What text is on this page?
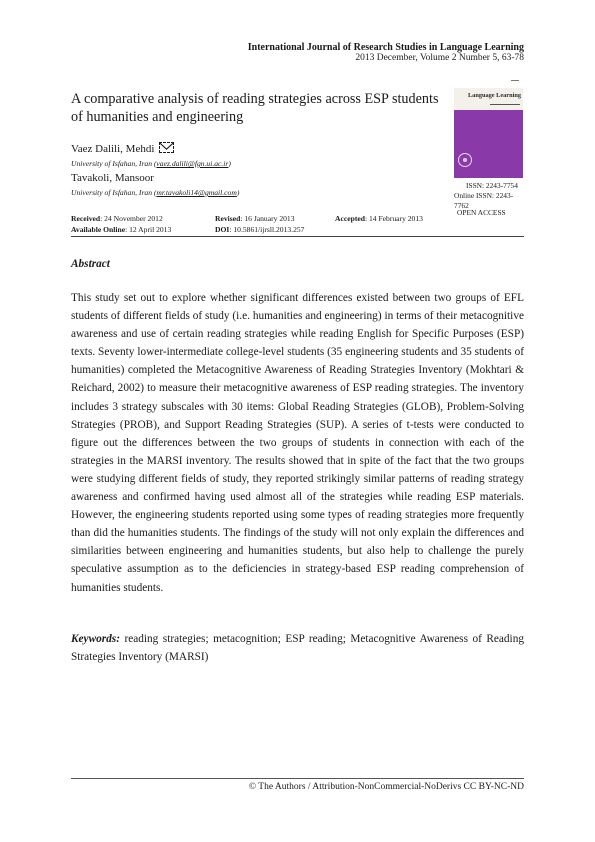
International Journal of Research Studies in Language Learning
2013 December, Volume 2 Number 5, 63-78
A comparative analysis of reading strategies across ESP students of humanities and engineering
Vaez Dalili, Mehdi
University of Isfahan, Iran (vaez.dalili@fgn.ui.ac.ir)
Tavakoli, Mansoor
University of Isfahan, Iran (mr.tavakoli14@gmail.com)
Language Learning
ISSN: 2243-7754
Online ISSN: 2243-7762
OPEN ACCESS
Received: 24 November 2012	Revised: 16 January 2013	Accepted: 14 February 2013
Available Online: 12 April 2013	DOI: 10.5861/ijrsll.2013.257
Abstract

This study set out to explore whether significant differences existed between two groups of EFL students of different fields of study (i.e. humanities and engineering) in terms of their metacognitive awareness and use of certain reading strategies while reading English for Specific Purposes (ESP) texts. Seventy lower-intermediate college-level students (35 engineering students and 35 students of humanities) completed the Metacognitive Awareness of Reading Strategies Inventory (Mokhtari & Reichard, 2002) to measure their metacognitive awareness of ESP reading strategies. The inventory includes 3 strategy subscales with 30 items: Global Reading Strategies (GLOB), Problem-Solving Strategies (PROB), and Support Reading Strategies (SUP). A series of t-tests were conducted to figure out the differences between the two groups of students in connection with each of the strategies in the MARSI inventory. The results showed that in spite of the fact that the two groups were studying different fields of study, they reported strikingly similar patterns of reading strategy awareness and confirmed having used almost all of the strategies while reading ESP materials. However, the engineering students reported using some types of reading strategies more frequently than did the humanities students. The findings of the study will not only explain the differences and similarities between engineering and humanities students, but also help to challenge the purely speculative assumption as to the deficiencies in strategy-based ESP reading comprehension of humanities students.

Keywords: reading strategies; metacognition; ESP reading; Metacognitive Awareness of Reading Strategies Inventory (MARSI)

© The Authors / Attribution-NonCommercial-NoDerivs CC BY-NC-ND
